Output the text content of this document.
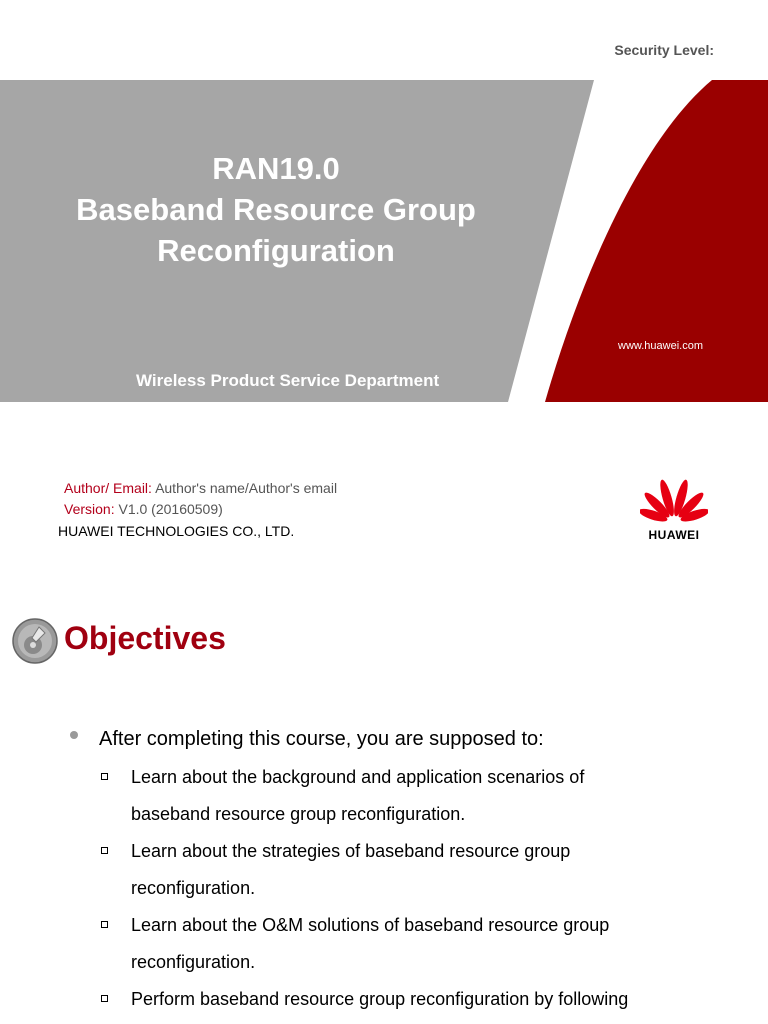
Security Level:
RAN19.0
Baseband Resource Group
Reconfiguration
www.huawei.com
Wireless Product Service Department
Author/ Email: Author's name/Author's email
Version: V1.0 (20160509)
HUAWEI TECHNOLOGIES CO., LTD.	HUAWEI
Objectives
After completing this course, you are supposed to:
Learn about the background and application scenarios of
baseband resource group reconfiguration.
Learn about the strategies of baseband resource group
reconfiguration.
Learn about the O&M solutions of baseband resource group
reconfiguration.
Perform baseband resource group reconfiguration by following
